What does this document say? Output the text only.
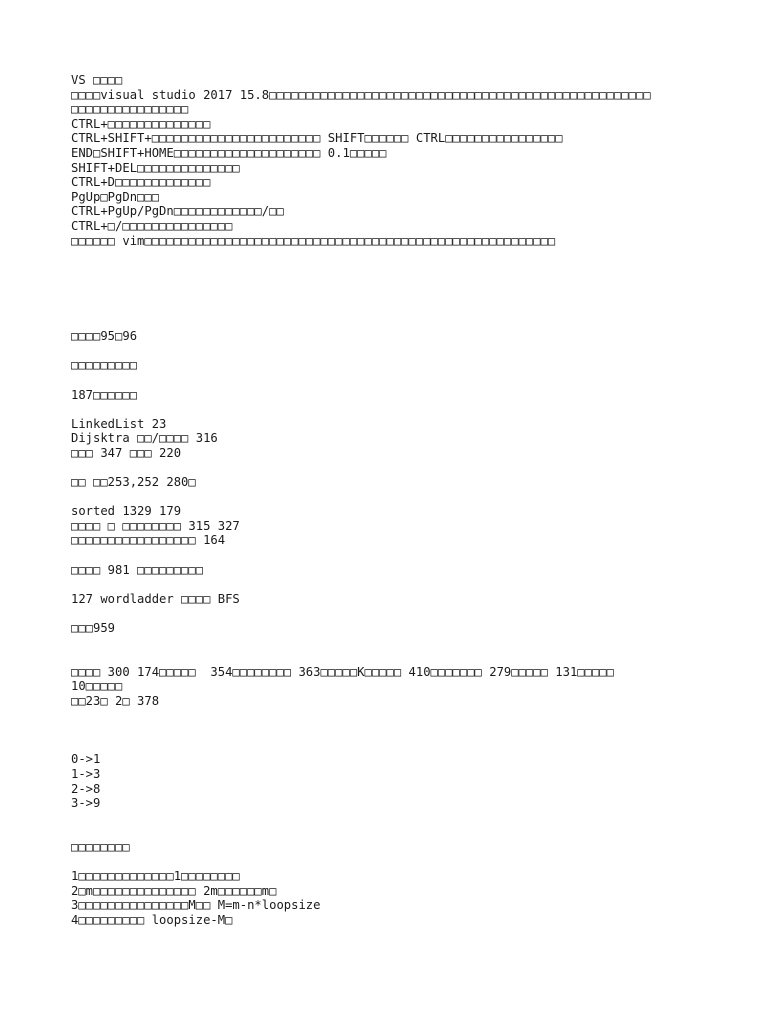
VS □□□□
□□□□visual studio 2017 15.8□□□□□□□□□□□□□□□□□□□□□□□□□□□□□□□□□□□□□□□□□□□□□□□□□□□□
□□□□□□□□□□□□□□□□
CTRL+□□□□□□□□□□□□□□
CTRL+SHIFT+□□□□□□□□□□□□□□□□□□□□□□□ SHIFT□□□□□□ CTRL□□□□□□□□□□□□□□□□
END□SHIFT+HOME□□□□□□□□□□□□□□□□□□□□ 0.1□□□□□
SHIFT+DEL□□□□□□□□□□□□□□
CTRL+D□□□□□□□□□□□□□
PgUp□PgDn□□□
CTRL+PgUp/PgDn□□□□□□□□□□□□/□□
CTRL+□/□□□□□□□□□□□□□□□
□□□□□□ vim□□□□□□□□□□□□□□□□□□□□□□□□□□□□□□□□□□□□□□□□□□□□□□□□□□□□□□□□
□□□□95□96
□□□□□□□□□
187□□□□□□
LinkedList 23
Dijsktra □□/□□□□ 316
□□□ 347 □□□ 220
□□ □□253,252 280□
sorted 1329 179
□□□□ □ □□□□□□□□ 315 327
□□□□□□□□□□□□□□□□□ 164
□□□□ 981 □□□□□□□□□
127 wordladder □□□□ BFS
□□□959
□□□□ 300 174□□□□□  354□□□□□□□□ 363□□□□□K□□□□□ 410□□□□□□□ 279□□□□□ 131□□□□□
10□□□□□
□□23□ 2□ 378
0->1
1->3
2->8
3->9
□□□□□□□□
1□□□□□□□□□□□□□1□□□□□□□□
2□m□□□□□□□□□□□□□□ 2m□□□□□□m□
3□□□□□□□□□□□□□□□M□□ M=m-n*loopsize
4□□□□□□□□□ loopsize-M□
